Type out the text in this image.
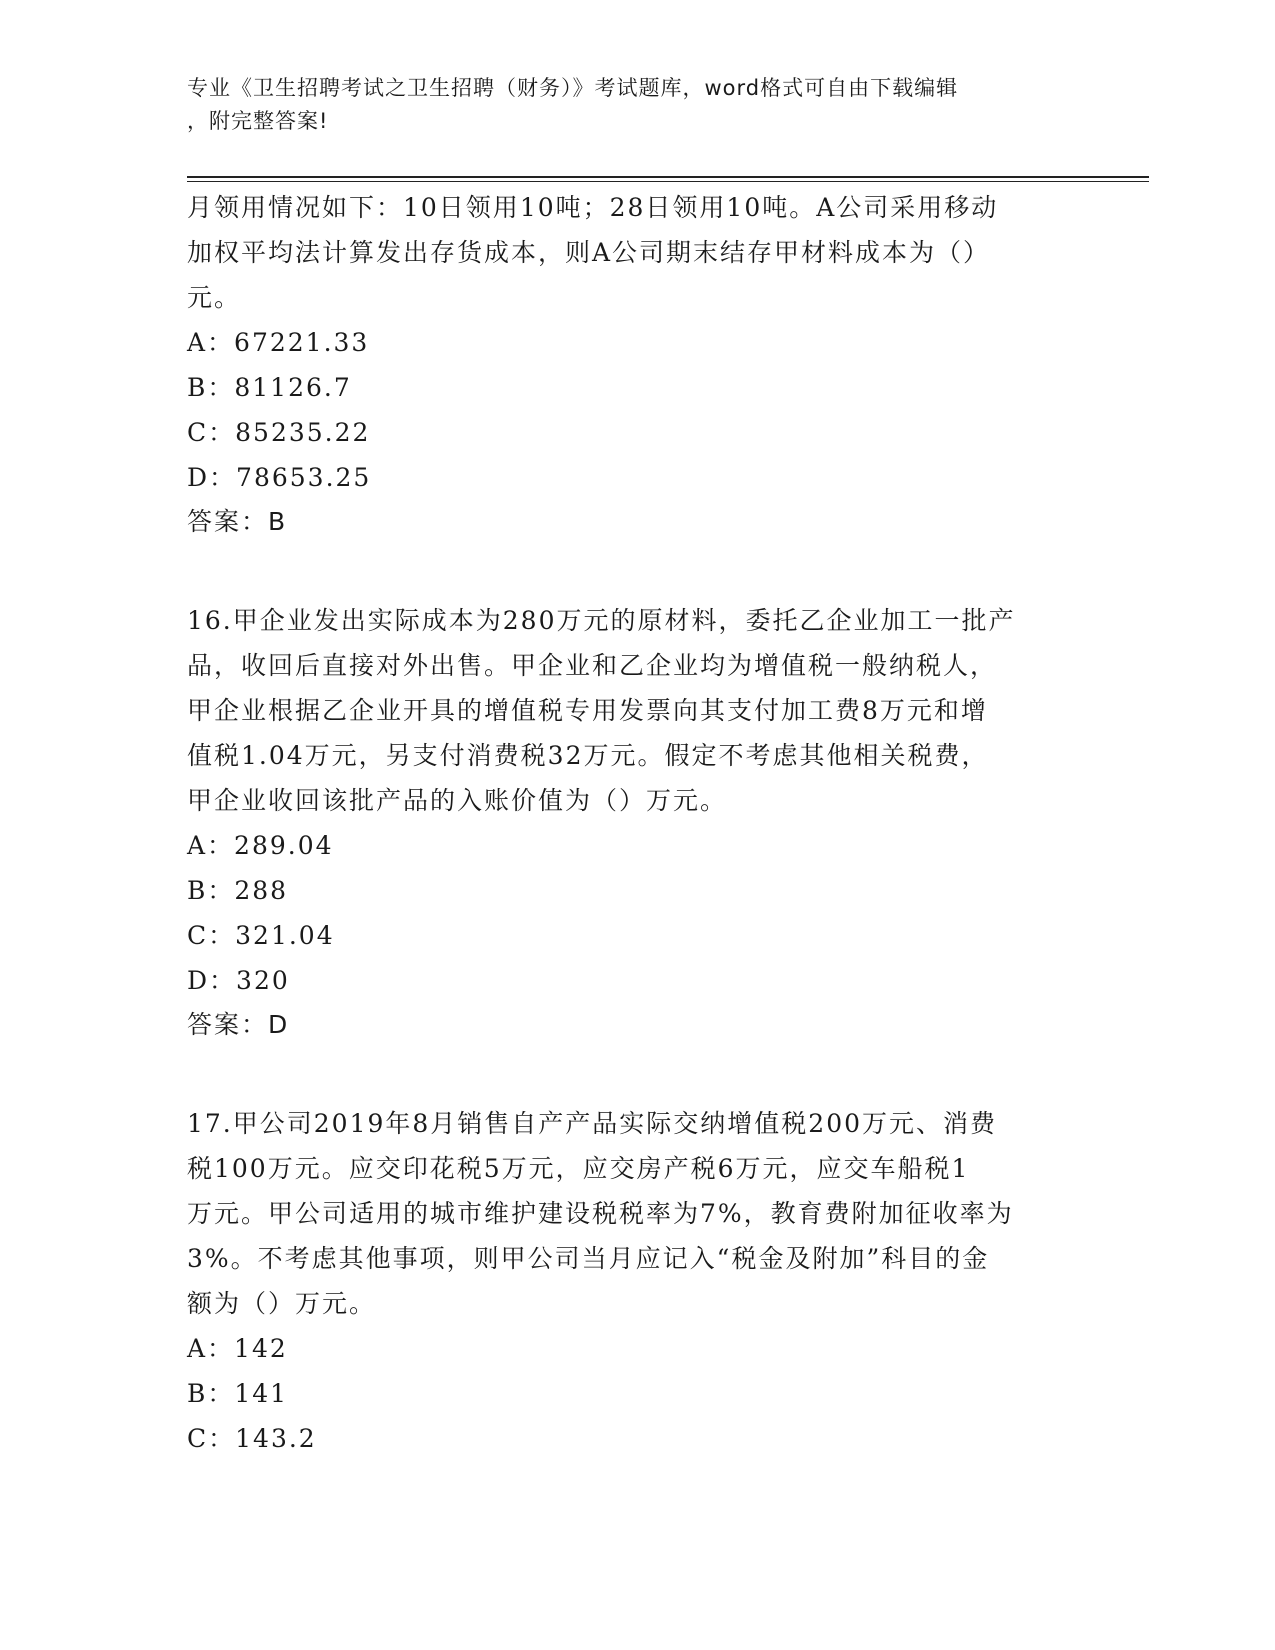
专业《卫生招聘考试之卫生招聘（财务）》考试题库，word格式可自由下载编辑
，附完整答案!

月领用情况如下：10日领用10吨；28日领用10吨。A公司采用移动
加权平均法计算发出存货成本，则A公司期末结存甲材料成本为（）
元。

A：67221.33

B：81126.7

C：85235.22

D：78653.25

答案：B

16.甲企业发出实际成本为280万元的原材料，委托乙企业加工一批产
品，收回后直接对外出售。甲企业和乙企业均为增值税一般纳税人，
甲企业根据乙企业开具的增值税专用发票向其支付加工费8万元和增
值税1.04万元，另支付消费税32万元。假定不考虑其他相关税费，
甲企业收回该批产品的入账价值为（）万元。

A：289.04

B：288

C：321.04

D：320

答案：D

17.甲公司2019年8月销售自产产品实际交纳增值税200万元、消费
税100万元。应交印花税5万元，应交房产税6万元，应交车船税1
万元。甲公司适用的城市维护建设税税率为7%，教育费附加征收率为
3%。不考虑其他事项，则甲公司当月应记入“税金及附加”科目的金
额为（）万元。

A：142

B：141

C：143.2
